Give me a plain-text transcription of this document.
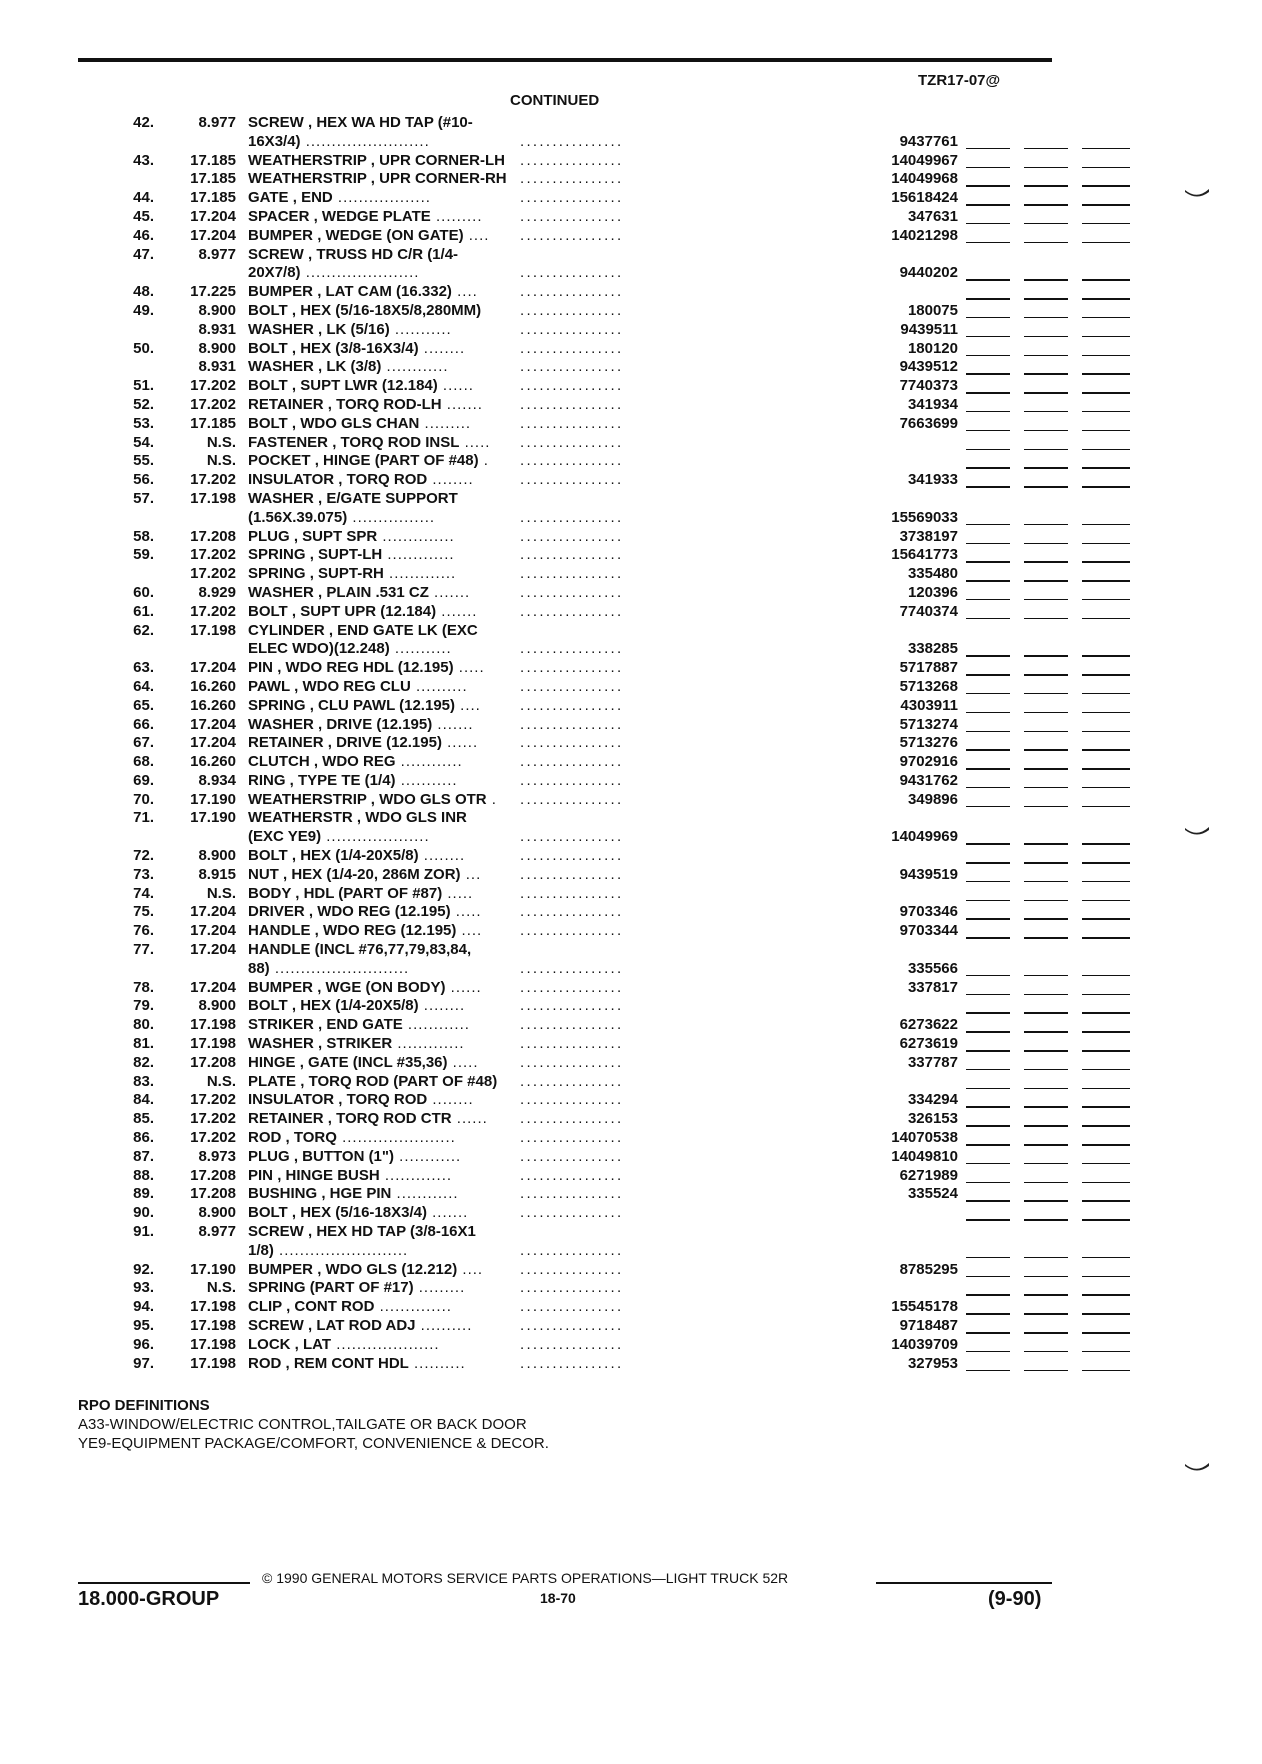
TZR17-07@
CONTINUED
42.	8.977 SCREW , HEX WA HD TAP (#10-
16X3/4) ........................	................	9437761
43.	17.185 WEATHERSTRIP , UPR CORNER-LH	................	14049967
17.185 WEATHERSTRIP , UPR CORNER-RH ................	14049968
44.	17.185 GATE , END ..................	................	15618424
45.	17.204 SPACER , WEDGE PLATE .........	................	347631
46.	17.204 BUMPER , WEDGE (ON GATE) ....	................	14021298
47.	8.977 SCREW , TRUSS HD C/R (1/4-
20X7/8) ......................	................	9440202
48.	17.225 BUMPER , LAT CAM (16.332) ....	................
49.	8.900 BOLT , HEX (5/16-18X5/8,280MM)	................	180075
8.931 WASHER , LK (5/16) ...........	................	9439511
50.	8.900 BOLT , HEX (3/8-16X3/4) ........	................	180120
8.931 WASHER , LK (3/8) ............	................	9439512
51.	17.202 BOLT , SUPT LWR (12.184) ......	................	7740373
52.	17.202 RETAINER , TORQ ROD-LH .......	................	341934
53.	17.185 BOLT , WDO GLS CHAN .........	................	7663699
54.	N.S. FASTENER , TORQ ROD INSL .....	................
55.	N.S. POCKET , HINGE (PART OF #48) .	................
56.	17.202 INSULATOR , TORQ ROD ........	................	341933
57.	17.198 WASHER , E/GATE SUPPORT
(1.56X.39.075) ................	................	15569033
58.	17.208 PLUG , SUPT SPR ..............	................	3738197
59.	17.202 SPRING , SUPT-LH .............	................	15641773
17.202 SPRING , SUPT-RH .............	................	335480
60.	8.929 WASHER , PLAIN .531 CZ .......	................	120396
61.	17.202 BOLT , SUPT UPR (12.184) .......	................	7740374
62.	17.198 CYLINDER , END GATE LK (EXC
ELEC WDO)(12.248) ...........	................	338285
63.	17.204 PIN , WDO REG HDL (12.195) .....	................	5717887
64.	16.260 PAWL , WDO REG CLU ..........	................	5713268
65.	16.260 SPRING , CLU PAWL (12.195) ....	................	4303911
66.	17.204 WASHER , DRIVE (12.195) .......	................	5713274
67.	17.204 RETAINER , DRIVE (12.195) ......	................	5713276
68.	16.260 CLUTCH , WDO REG ............	................	9702916
69.	8.934 RING , TYPE TE (1/4) ...........	................	9431762
70.	17.190 WEATHERSTRIP , WDO GLS OTR .	................	349896
71.	17.190 WEATHERSTR , WDO GLS INR
(EXC YE9) ....................	................	14049969
72.	8.900 BOLT , HEX (1/4-20X5/8) ........	................
73.	8.915 NUT , HEX (1/4-20, 286M ZOR) ...	................	9439519
74.	N.S. BODY , HDL (PART OF #87) .....	................
75.	17.204 DRIVER , WDO REG (12.195) .....	................	9703346
76.	17.204 HANDLE , WDO REG (12.195) ....	................	9703344
77.	17.204 HANDLE (INCL #76,77,79,83,84,
88) ..........................	................	335566
78.	17.204 BUMPER , WGE (ON BODY) ......	................	337817
79.	8.900 BOLT , HEX (1/4-20X5/8) ........	................
80.	17.198 STRIKER , END GATE ............	................	6273622
81.	17.198 WASHER , STRIKER .............	................	6273619
82.	17.208 HINGE , GATE (INCL #35,36) .....	................	337787
83.	N.S. PLATE , TORQ ROD (PART OF #48)	................
84.	17.202 INSULATOR , TORQ ROD ........	................	334294
85.	17.202 RETAINER , TORQ ROD CTR ......	................	326153
86.	17.202 ROD , TORQ ......................	................	14070538
87.	8.973 PLUG , BUTTON (1") ............	................	14049810
88.	17.208 PIN , HINGE BUSH .............	................	6271989
89.	17.208 BUSHING , HGE PIN ............	................	335524
90.	8.900 BOLT , HEX (5/16-18X3/4) .......	................
91.	8.977 SCREW , HEX HD TAP (3/8-16X1
1/8) .........................	................
92.	17.190 BUMPER , WDO GLS (12.212) ....	................	8785295
93.	N.S. SPRING (PART OF #17) .........	................
94.	17.198 CLIP , CONT ROD ..............	................	15545178
95.	17.198 SCREW , LAT ROD ADJ ..........	................	9718487
96.	17.198 LOCK , LAT ....................	................	14039709
97.	17.198 ROD , REM CONT HDL ..........	................	327953
RPO DEFINITIONS
A33-WINDOW/ELECTRIC CONTROL,TAILGATE OR BACK DOOR
YE9-EQUIPMENT PACKAGE/COMFORT, CONVENIENCE & DECOR.
© 1990 GENERAL MOTORS SERVICE PARTS OPERATIONS—LIGHT TRUCK 52R
18.000-GROUP	18-70	(9-90)
